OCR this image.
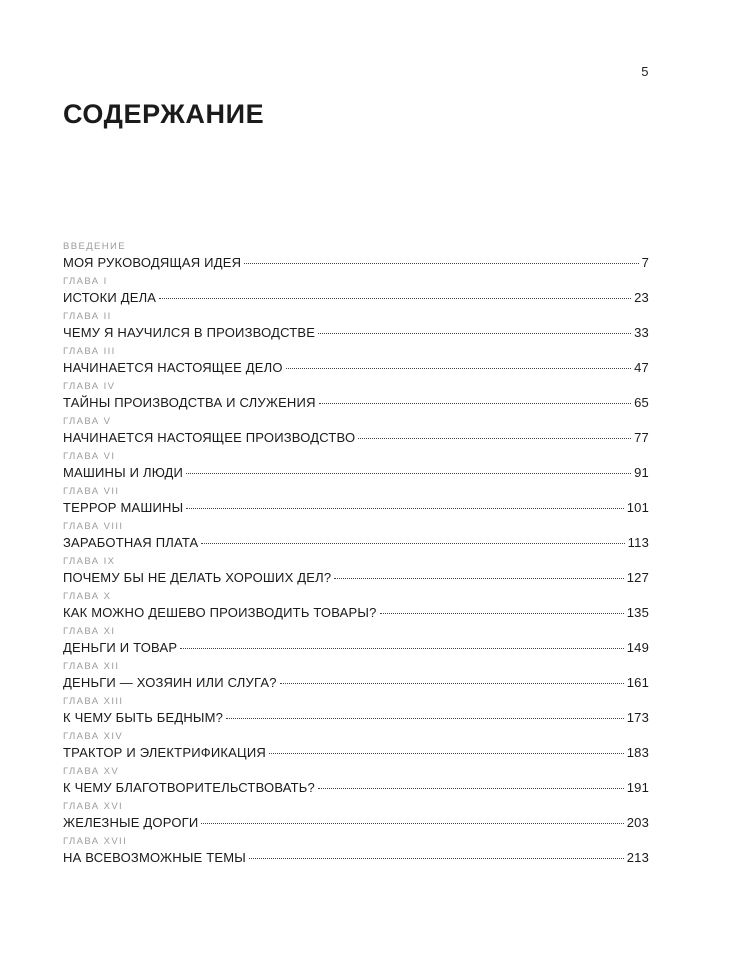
5
СОДЕРЖАНИЕ
ВВЕДЕНИЕ
МОЯ РУКОВОДЯЩАЯ ИДЕЯ	7
ГЛАВА I
ИСТОКИ ДЕЛА	23
ГЛАВА II
ЧЕМУ Я НАУЧИЛСЯ В ПРОИЗВОДСТВЕ	33
ГЛАВА III
НАЧИНАЕТСЯ НАСТОЯЩЕЕ ДЕЛО	47
ГЛАВА IV
ТАЙНЫ ПРОИЗВОДСТВА И СЛУЖЕНИЯ	65
ГЛАВА V
НАЧИНАЕТСЯ НАСТОЯЩЕЕ ПРОИЗВОДСТВО	77
ГЛАВА VI
МАШИНЫ И ЛЮДИ	91
ГЛАВА VII
ТЕРРОР МАШИНЫ	101
ГЛАВА VIII
ЗАРАБОТНАЯ ПЛАТА	113
ГЛАВА IX
ПОЧЕМУ БЫ НЕ ДЕЛАТЬ ХОРОШИХ ДЕЛ?	127
ГЛАВА X
КАК МОЖНО ДЕШЕВО ПРОИЗВОДИТЬ ТОВАРЫ?	135
ГЛАВА XI
ДЕНЬГИ И ТОВАР	149
ГЛАВА XII
ДЕНЬГИ — ХОЗЯИН ИЛИ СЛУГА?	161
ГЛАВА XIII
К ЧЕМУ БЫТЬ БЕДНЫМ?	173
ГЛАВА XIV
ТРАКТОР И ЭЛЕКТРИФИКАЦИЯ	183
ГЛАВА XV
К ЧЕМУ БЛАГОТВОРИТЕЛЬСТВОВАТЬ?	191
ГЛАВА XVI
ЖЕЛЕЗНЫЕ ДОРОГИ	203
ГЛАВА XVII
НА ВСЕВОЗМОЖНЫЕ ТЕМЫ	213
